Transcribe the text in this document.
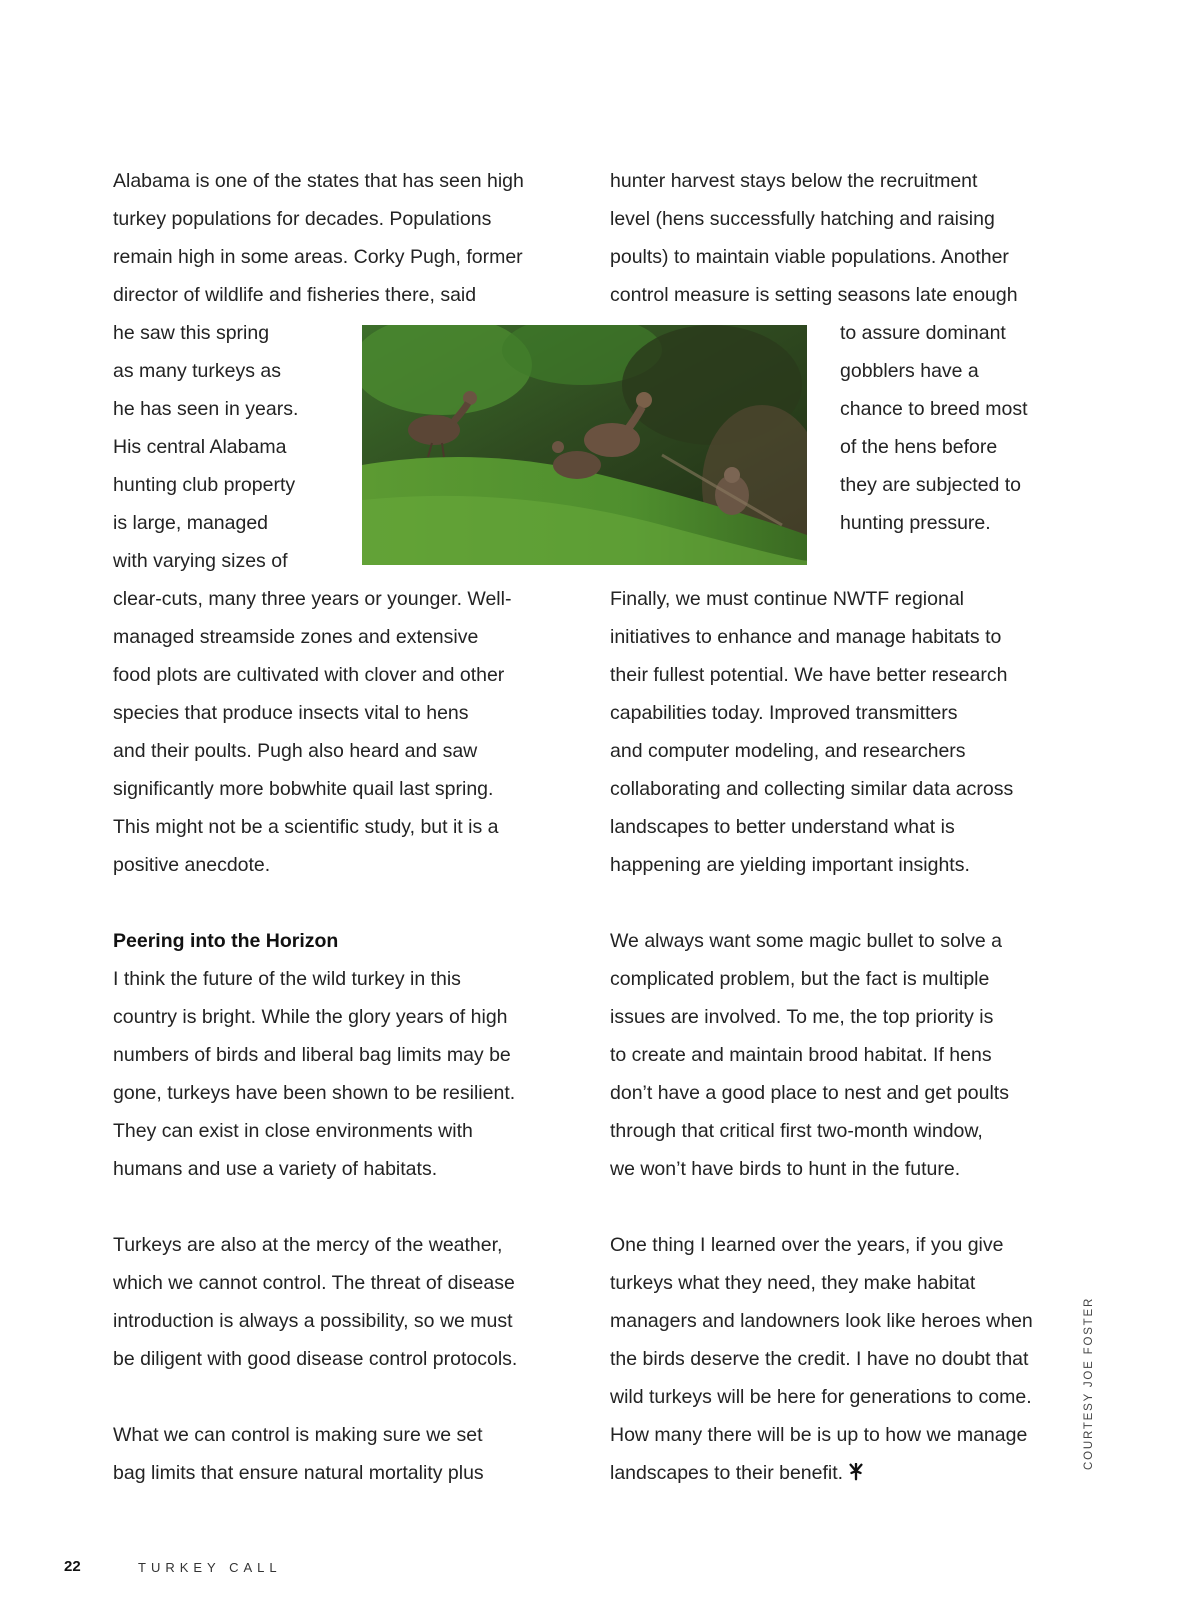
Alabama is one of the states that has seen high
turkey populations for decades. Populations
remain high in some areas. Corky Pugh, former
director of wildlife and fisheries there, said
he saw this spring
as many turkeys as
he has seen in years.
His central Alabama
hunting club property
is large, managed
with varying sizes of
clear-cuts, many three years or younger. Well-
managed streamside zones and extensive
food plots are cultivated with clover and other
species that produce insects vital to hens
and their poults. Pugh also heard and saw
significantly more bobwhite quail last spring.
This might not be a scientific study, but it is a
positive anecdote.
Peering into the Horizon
I think the future of the wild turkey in this
country is bright. While the glory years of high
numbers of birds and liberal bag limits may be
gone, turkeys have been shown to be resilient.
They can exist in close environments with
humans and use a variety of habitats.
Turkeys are also at the mercy of the weather,
which we cannot control. The threat of disease
introduction is always a possibility, so we must
be diligent with good disease control protocols.
What we can control is making sure we set
bag limits that ensure natural mortality plus
hunter harvest stays below the recruitment
level (hens successfully hatching and raising
poults) to maintain viable populations. Another
control measure is setting seasons late enough
to assure dominant
gobblers have a
chance to breed most
of the hens before
they are subjected to
hunting pressure.
Finally, we must continue NWTF regional
initiatives to enhance and manage habitats to
their fullest potential. We have better research
capabilities today. Improved transmitters
and computer modeling, and researchers
collaborating and collecting similar data across
landscapes to better understand what is
happening are yielding important insights.
We always want some magic bullet to solve a
complicated problem, but the fact is multiple
issues are involved. To me, the top priority is
to create and maintain brood habitat. If hens
don’t have a good place to nest and get poults
through that critical first two-month window,
we won’t have birds to hunt in the future.
One thing I learned over the years, if you give
turkeys what they need, they make habitat
managers and landowners look like heroes when
the birds deserve the credit. I have no doubt that
wild turkeys will be here for generations to come.
How many there will be is up to how we manage
landscapes to their benefit.
COURTESY JOE FOSTER
22	TURKEY CALL
